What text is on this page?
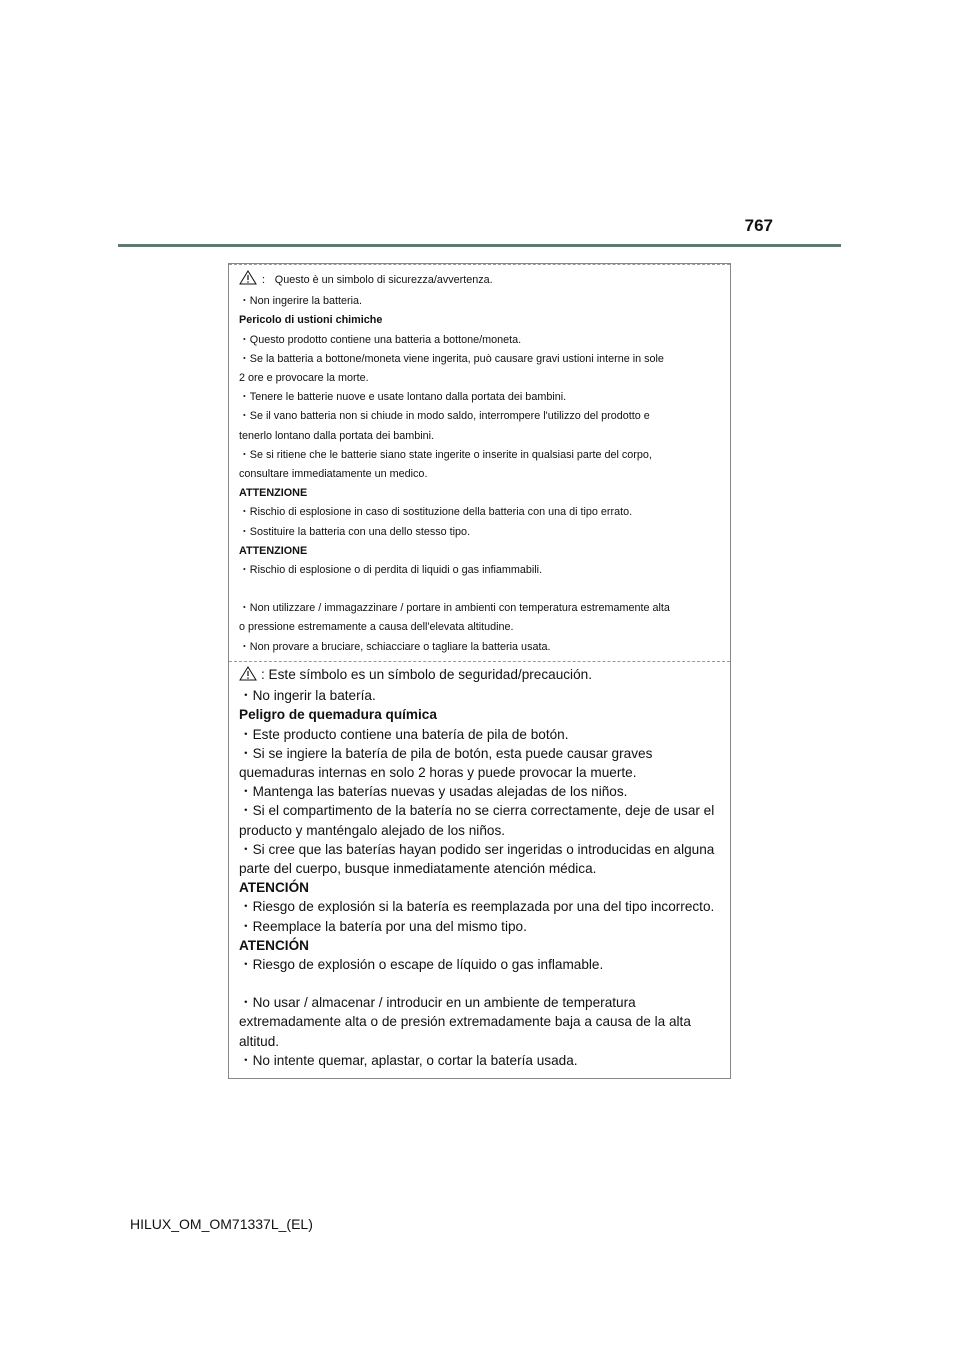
767

： Questo è un simbolo di sicurezza/avvertenza.

・Non ingerire la batteria.

Pericolo di ustioni chimiche

・Questo prodotto contiene una batteria a bottone/moneta.

・Se la batteria a bottone/moneta viene ingerita, può causare gravi ustioni interne in sole

2 ore e provocare la morte.

・Tenere le batterie nuove e usate lontano dalla portata dei bambini.

・Se il vano batteria non si chiude in modo saldo, interrompere l'utilizzo del prodotto e

tenerlo lontano dalla portata dei bambini.

・Se si ritiene che le batterie siano state ingerite o inserite in qualsiasi parte del corpo,

consultare immediatamente un medico.

ATTENZIONE

・Rischio di esplosione in caso di sostituzione della batteria con una di tipo errato.

・Sostituire la batteria con una dello stesso tipo.

ATTENZIONE

・Rischio di esplosione o di perdita di liquidi o gas infiammabili.

・Non utilizzare / immagazzinare / portare in ambienti con temperatura estremamente alta

o pressione estremamente a causa dell'elevata altitudine.

・Non provare a bruciare, schiacciare o tagliare la batteria usata.

: Este símbolo es un símbolo de seguridad/precaución.

・No ingerir la batería.

Peligro de quemadura química

・Este producto contiene una batería de pila de botón.

・Si se ingiere la batería de pila de botón, esta puede causar graves

quemaduras internas en solo 2 horas y puede provocar la muerte.

・Mantenga las baterías nuevas y usadas alejadas de los niños.

・Si el compartimento de la batería no se cierra correctamente, deje de usar el

producto y manténgalo alejado de los niños.

・Si cree que las baterías hayan podido ser ingeridas o introducidas en alguna

parte del cuerpo, busque inmediatamente atención médica.

ATENCIÓN

・Riesgo de explosión si la batería es reemplazada por una del tipo incorrecto.

・Reemplace la batería por una del mismo tipo.

ATENCIÓN

・Riesgo de explosión o escape de líquido o gas inflamable.

・No usar / almacenar / introducir en un ambiente de temperatura

extremadamente alta o de presión extremadamente baja a causa de la alta

altitud.

・No intente quemar, aplastar, o cortar la batería usada.

HILUX_OM_OM71337L_(EL)
